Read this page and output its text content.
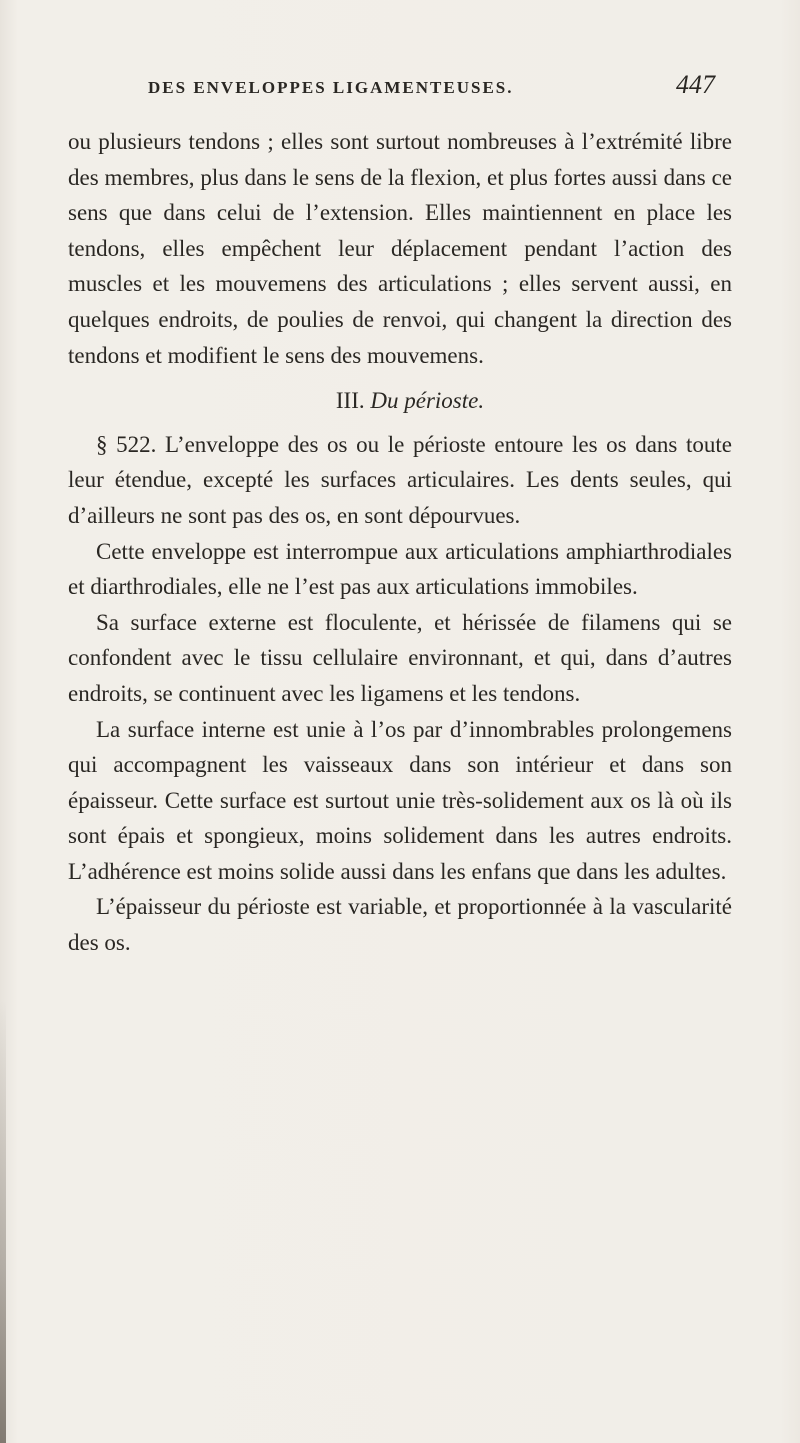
DES ENVELOPPES LIGAMENTEUSES.	447

ou plusieurs tendons ; elles sont surtout nombreuses à l’extrémité libre des membres, plus dans le sens de la flexion, et plus fortes aussi dans ce sens que dans celui de l’extension. Elles maintiennent en place les tendons, elles empêchent leur déplacement pendant l’action des muscles et les mouvemens des articulations ; elles servent aussi, en quelques endroits, de poulies de renvoi, qui changent la direction des tendons et modifient le sens des mouvemens.

III. Du périoste.

§ 522. L’enveloppe des os ou le périoste entoure les os dans toute leur étendue, excepté les surfaces articulaires. Les dents seules, qui d’ailleurs ne sont pas des os, en sont dépourvues.

Cette enveloppe est interrompue aux articulations amphiarthrodiales et diarthrodiales, elle ne l’est pas aux articulations immobiles.

Sa surface externe est floculente, et hérissée de filamens qui se confondent avec le tissu cellulaire environnant, et qui, dans d’autres endroits, se continuent avec les ligamens et les tendons.

La surface interne est unie à l’os par d’innombrables prolongemens qui accompagnent les vaisseaux dans son intérieur et dans son épaisseur. Cette surface est surtout unie très-solidement aux os là où ils sont épais et spongieux, moins solidement dans les autres endroits. L’adhérence est moins solide aussi dans les enfans que dans les adultes.

L’épaisseur du périoste est variable, et proportionnée à la vascularité des os.
